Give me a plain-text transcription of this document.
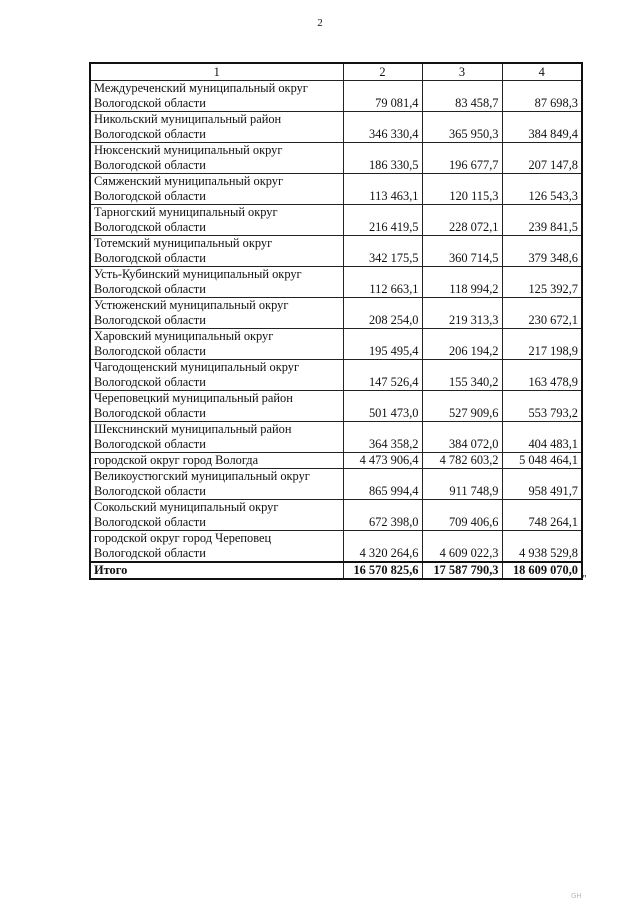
2
1	2	3	4
Междуреченский муниципальный округ Вологодской области	79 081,4	83 458,7	87 698,3
Никольский муниципальный район Вологодской области	346 330,4	365 950,3	384 849,4
Нюксенский муниципальный округ Вологодской области	186 330,5	196 677,7	207 147,8
Сямженский муниципальный округ Вологодской области	113 463,1	120 115,3	126 543,3
Тарногский муниципальный округ Вологодской области	216 419,5	228 072,1	239 841,5
Тотемский муниципальный округ Вологодской области	342 175,5	360 714,5	379 348,6
Усть-Кубинский муниципальный округ Вологодской области	112 663,1	118 994,2	125 392,7
Устюженский муниципальный округ Вологодской области	208 254,0	219 313,3	230 672,1
Харовский муниципальный округ Вологодской области	195 495,4	206 194,2	217 198,9
Чагодощенский муниципальный округ Вологодской области	147 526,4	155 340,2	163 478,9
Череповецкий муниципальный район Вологодской области	501 473,0	527 909,6	553 793,2
Шекснинский муниципальный район Вологодской области	364 358,2	384 072,0	404 483,1
городской округ город Вологда	4 473 906,4	4 782 603,2	5 048 464,1
Великоустюгский муниципальный округ Вологодской области	865 994,4	911 748,9	958 491,7
Сокольский муниципальный округ Вологодской области	672 398,0	709 406,6	748 264,1
городской округ город Череповец Вологодской области	4 320 264,6	4 609 022,3	4 938 529,8
Итого	16 570 825,6	17 587 790,3	18 609 070,0
"
GH
